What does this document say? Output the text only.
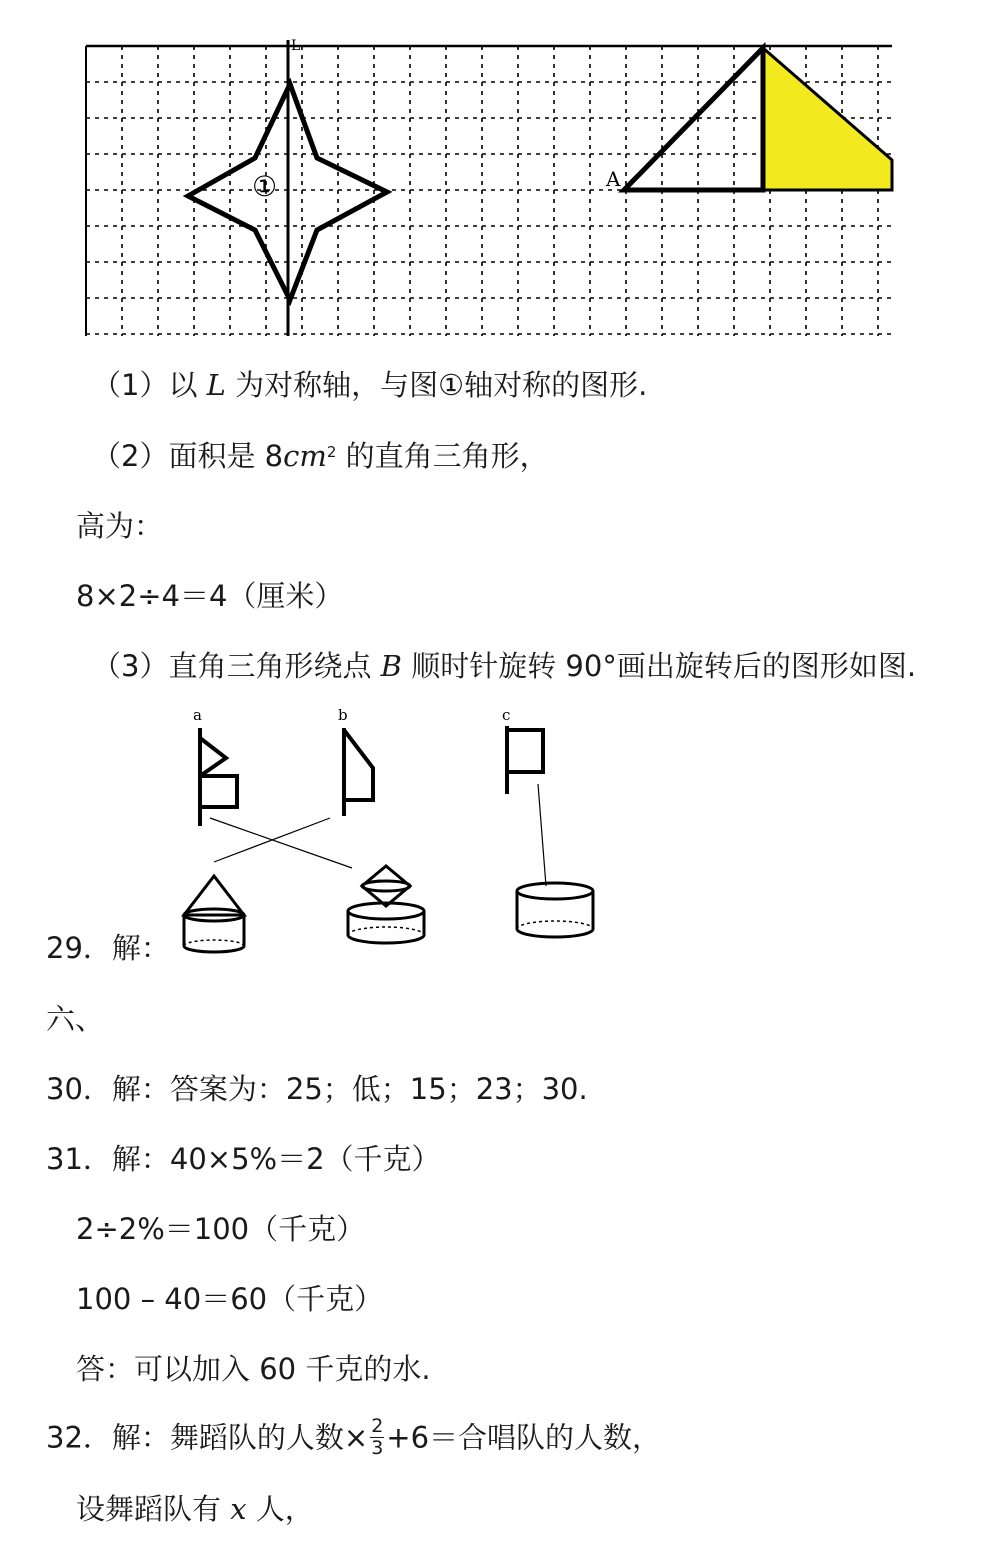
L
①	A
（1）以 L 为对称轴，与图①轴对称的图形.
（2）面积是 $8cm^2$ 的直角三角形，
高为：
8×2÷4＝4（厘米）
（3）直角三角形绕点 B 顺时针旋转 90°画出旋转后的图形如图.
a	b	c
29．解：
六、
30．解：答案为：25；低；15；23；30.
31．解：40×5%＝2（千克）
2÷2%＝100（千克）
100 – 40＝60（千克）
答：可以加入 60 千克的水.
32．解：舞蹈队的人数× $\frac{2}{3} +6=$合唱队的人数，
设舞蹈队有 x 人，
